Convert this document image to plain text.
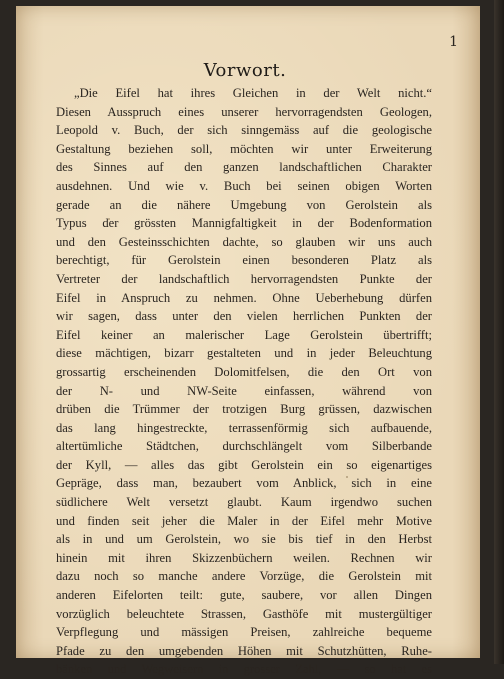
1
Vorwort.
„Die Eifel hat ihres Gleichen in der Welt nicht.“
Diesen Ausspruch eines unserer hervorragendsten Geologen,
Leopold v. Buch, der sich sinngemäss auf die geologische
Gestaltung beziehen soll, möchten wir unter Erweiterung
des Sinnes auf den ganzen landschaftlichen Charakter
ausdehnen. Und wie v. Buch bei seinen obigen Worten
gerade an die nähere Umgebung von Gerolstein als
Typus der grössten Mannigfaltigkeit in der Bodenformation
und den Gesteinsschichten dachte, so glauben wir uns auch
berechtigt, für Gerolstein einen besonderen Platz als
Vertreter der landschaftlich hervorragendsten Punkte der
Eifel in Anspruch zu nehmen. Ohne Ueberhebung dürfen
wir sagen, dass unter den vielen herrlichen Punkten der
Eifel keiner an malerischer Lage Gerolstein übertrifft;
diese mächtigen, bizarr gestalteten und in jeder Beleuchtung
grossartig erscheinenden Dolomitfelsen, die den Ort von
der N- und NW-Seite einfassen, während von
drüben die Trümmer der trotzigen Burg grüssen, dazwischen
das lang hingestreckte, terrassenförmig sich aufbauende,
altertümliche Städtchen, durchschlängelt vom Silberbande
der Kyll, — alles das gibt Gerolstein ein so eigenartiges
Gepräge, dass man, bezaubert vom Anblick, sich in eine
südlichere Welt versetzt glaubt. Kaum irgendwo suchen
und finden seit jeher die Maler in der Eifel mehr Motive
als in und um Gerolstein, wo sie bis tief in den Herbst
hinein mit ihren Skizzenbüchern weilen. Rechnen wir
dazu noch so manche andere Vorzüge, die Gerolstein mit
anderen Eifelorten teilt: gute, saubere, vor allen Dingen
vorzüglich beleuchtete Strassen, Gasthöfe mit mustergültiger
Verpflegung und mässigen Preisen, zahlreiche bequeme
Pfade zu den umgebenden Höhen mit Schutzhütten, Ruhe-
bänken und Wegweisern in grosser Zahl, — so hat es
